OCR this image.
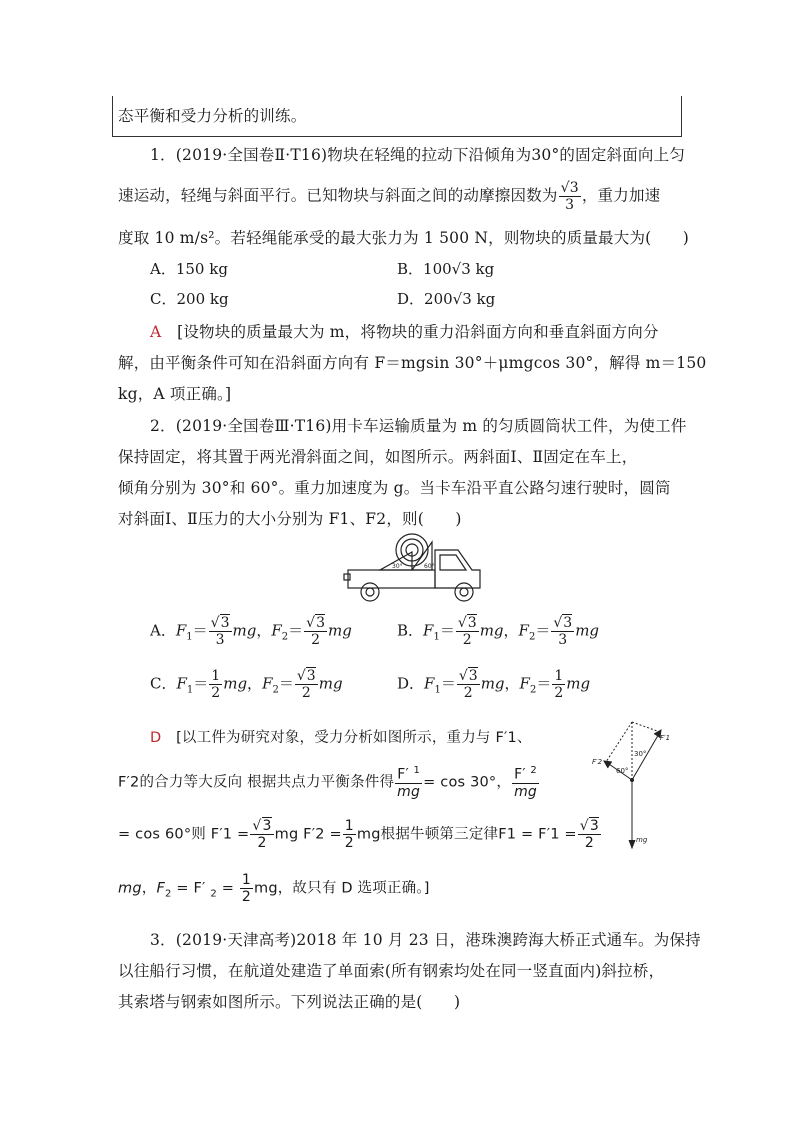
态平衡和受力分析的训练。
1．(2019·全国卷Ⅱ·T16)物块在轻绳的拉动下沿倾角为30°的固定斜面向上匀
速运动，轻绳与斜面平行。已知物块与斜面之间的动摩擦因数为 $\frac{√3}{3}$ ，重力加速
度取 10 m/s²。若轻绳能承受的最大张力为 1 500 N，则物块的质量最大为(　　)
A．150 kg	B．100√3 kg
C．200 kg	D．200√3 kg
A　 [设物块的质量最大为 m，将物块的重力沿斜面方向和垂直斜面方向分
解，由平衡条件可知在沿斜面方向有 F＝mgsin 30°＋μmgcos 30°，解得 m＝150
kg，A 项正确。]
2．(2019·全国卷Ⅲ·T16)用卡车运输质量为 m 的匀质圆筒状工件，为使工件
保持固定，将其置于两光滑斜面之间，如图所示。两斜面Ⅰ、Ⅱ固定在车上，
倾角分别为 30°和 60°。重力加速度为 g。当卡车沿平直公路匀速行驶时，圆筒
对斜面Ⅰ、Ⅱ压力的大小分别为 F1、F2，则(　　)
30°	60°
A．$F_1= \frac{√3}{3}$ mg，$F_2= \frac{√3}{2}$ mg	B．$F_1= \frac{√3}{2}$ mg，$F_2= \frac{√3}{3}$ mg
C．$F_1= \frac{1}{2}$ mg，$F_2= \frac{√3}{2}$ mg	D．$F_1= \frac{√3}{2}$ mg，$F_2= \frac{1}{2}$ mg
D　 [以工件为研究对象，受力分析如图所示，重力与 F′1、
F′2的合力等大反向 根据共点力平衡条件得 $\frac{F' ^1}{mg} = \cos 30^\circ$， $\frac{F' ^2}{mg}$
= cos 60°则 $F'1 = \frac{√3}{2}$ mg $F'2 = \frac{1}{2}$ mg根据牛顿第三定律$F1 = F'1 = \frac{√3}{2}$
mg，$F_2 = F'$ $_2 = \frac{1}{2}$ mg，故只有 D 选项正确。]
F′1
F′2
30°
60°
mg
3．(2019·天津高考)2018 年 10 月 23 日，港珠澳跨海大桥正式通车。为保持
以往船行习惯，在航道处建造了单面索(所有钢索均处在同一竖直面内)斜拉桥，
其索塔与钢索如图所示。下列说法正确的是(　　)
